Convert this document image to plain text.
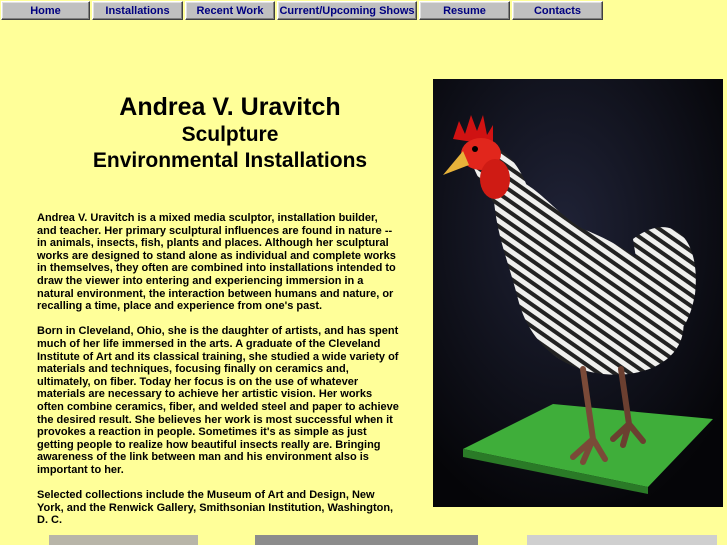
Home	Installations	Recent Work	Current/Upcoming Shows	Resume	Contacts
Andrea V. Uravitch
Sculpture
Environmental Installations

Andrea V. Uravitch is a mixed media sculptor, installation builder, and teacher. Her primary sculptural influences are found in nature -- in animals, insects, fish, plants and places. Although her sculptural works are designed to stand alone as individual and complete works in themselves, they often are combined into installations intended to draw the viewer into entering and experiencing immersion in a natural environment, the interaction between humans and nature, or recalling a time, place and experience from one's past.

Born in Cleveland, Ohio, she is the daughter of artists, and has spent much of her life immersed in the arts. A graduate of the Cleveland Institute of Art and its classical training, she studied a wide variety of materials and techniques, focusing finally on ceramics and, ultimately, on fiber. Today her focus is on the use of whatever materials are necessary to achieve her artistic vision. Her works often combine ceramics, fiber, and welded steel and paper to achieve the desired result. She believes her work is most successful when it provokes a reaction in people. Sometimes it's as simple as just getting people to realize how beautiful insects really are. Bringing awareness of the link between man and his environment also is important to her.

Selected collections include the Museum of Art and Design, New York, and the Renwick Gallery, Smithsonian Institution, Washington, D. C.
